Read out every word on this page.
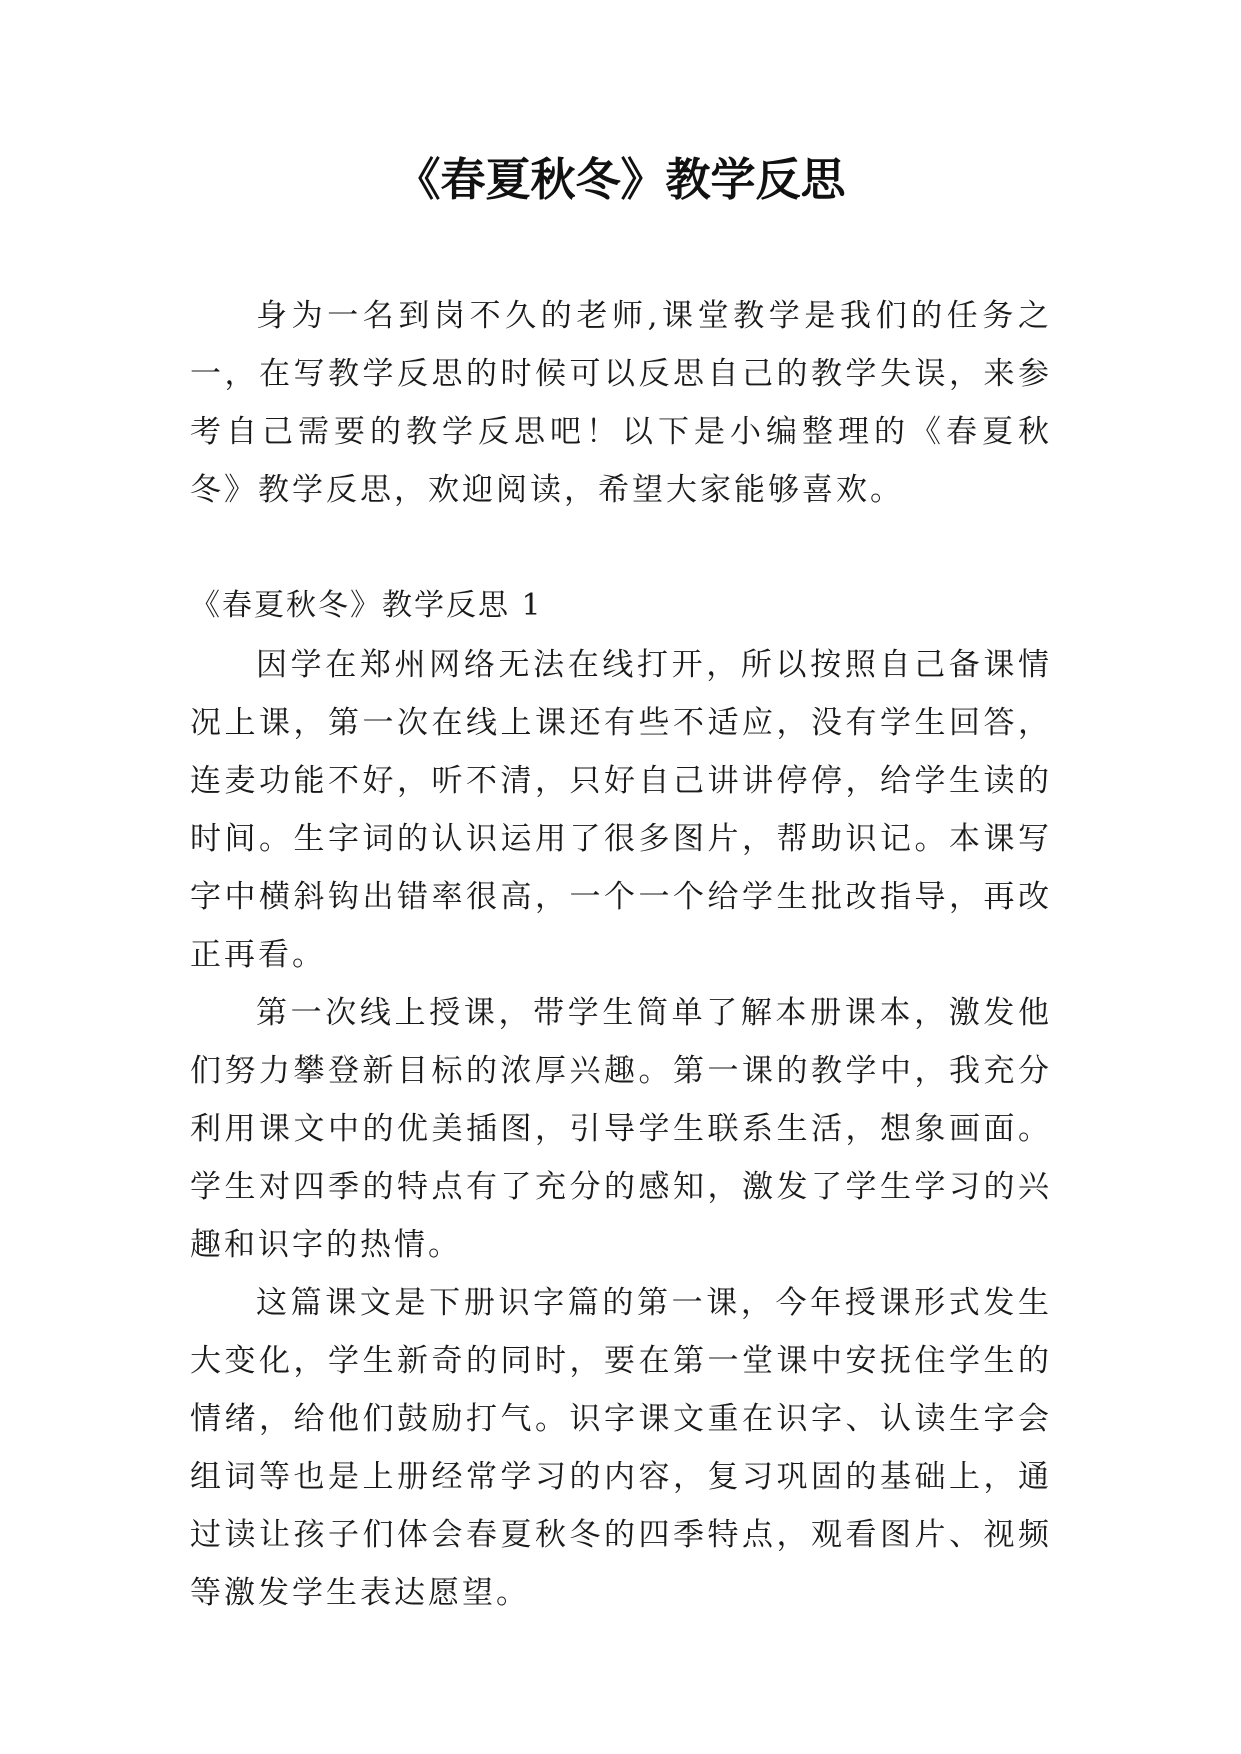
《春夏秋冬》教学反思

身为一名到岗不久的老师,课堂教学是我们的任务之一，在写教学反思的时候可以反思自己的教学失误，来参考自己需要的教学反思吧！以下是小编整理的《春夏秋冬》教学反思，欢迎阅读，希望大家能够喜欢。

《春夏秋冬》教学反思 1

因学在郑州网络无法在线打开，所以按照自己备课情况上课，第一次在线上课还有些不适应，没有学生回答，连麦功能不好，听不清，只好自己讲讲停停，给学生读的时间。生字词的认识运用了很多图片，帮助识记。本课写字中横斜钩出错率很高，一个一个给学生批改指导，再改正再看。

第一次线上授课，带学生简单了解本册课本，激发他们努力攀登新目标的浓厚兴趣。第一课的教学中，我充分利用课文中的优美插图，引导学生联系生活，想象画面。学生对四季的特点有了充分的感知，激发了学生学习的兴趣和识字的热情。

这篇课文是下册识字篇的第一课，今年授课形式发生大变化，学生新奇的同时，要在第一堂课中安抚住学生的情绪，给他们鼓励打气。识字课文重在识字、认读生字会组词等也是上册经常学习的内容，复习巩固的基础上，通过读让孩子们体会春夏秋冬的四季特点，观看图片、视频等激发学生表达愿望。
